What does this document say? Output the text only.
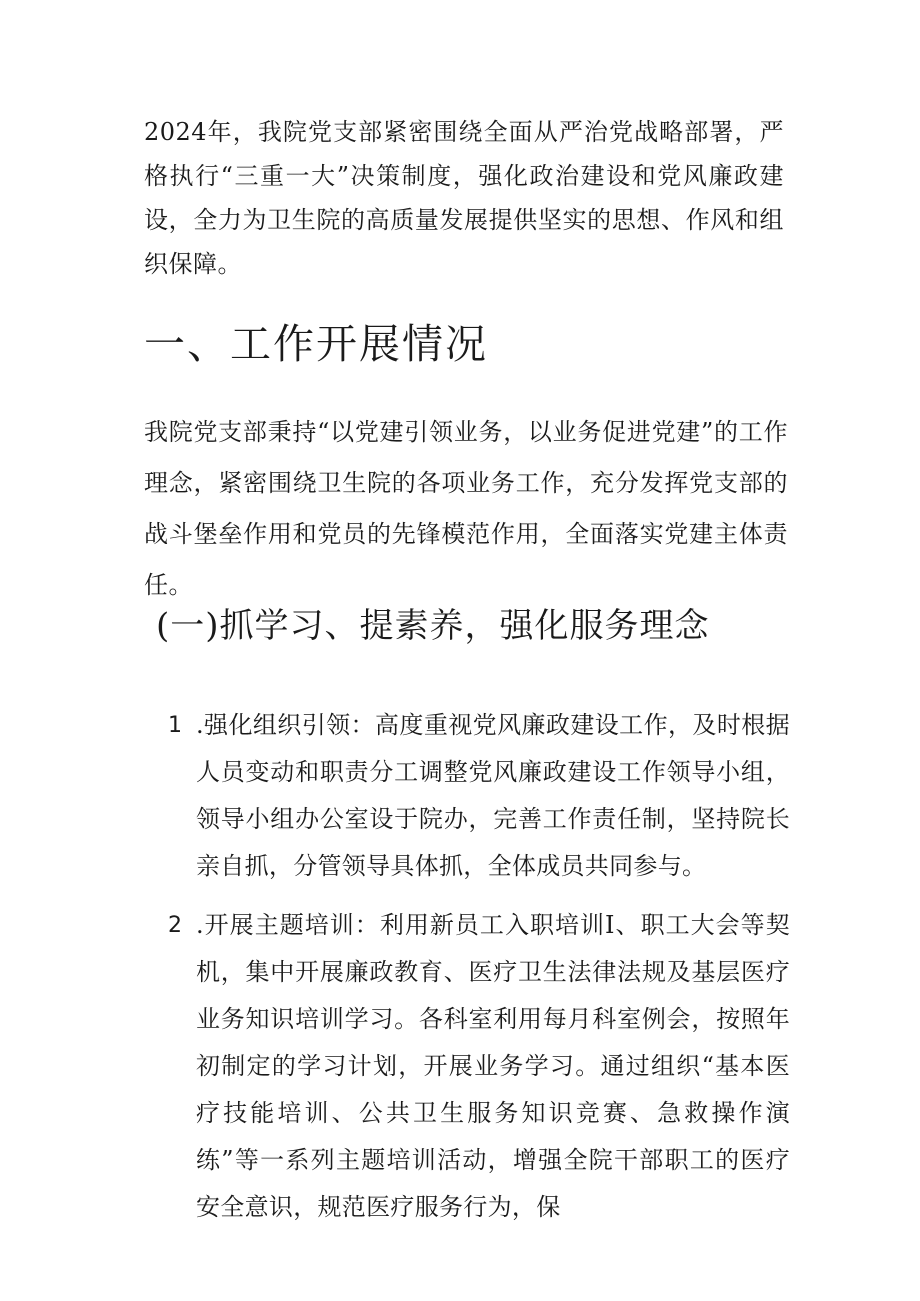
2024年，我院党支部紧密围绕全面从严治党战略部署，严格执行“三重一大”决策制度，强化政治建设和党风廉政建设，全力为卫生院的高质量发展提供坚实的思想、作风和组织保障。
一、工作开展情况
我院党支部秉持“以党建引领业务，以业务促进党建”的工作理念，紧密围绕卫生院的各项业务工作，充分发挥党支部的战斗堡垒作用和党员的先锋模范作用，全面落实党建主体责任。
(一)抓学习、提素养，强化服务理念
1 .强化组织引领：高度重视党风廉政建设工作，及时根据人员变动和职责分工调整党风廉政建设工作领导小组，领导小组办公室设于院办，完善工作责任制，坚持院长亲自抓，分管领导具体抓，全体成员共同参与。
2 .开展主题培训：利用新员工入职培训I、职工大会等契机，集中开展廉政教育、医疗卫生法律法规及基层医疗业务知识培训学习。各科室利用每月科室例会，按照年初制定的学习计划，开展业务学习。通过组织“基本医疗技能培训、公共卫生服务知识竞赛、急救操作演练”等一系列主题培训活动，增强全院干部职工的医疗安全意识，规范医疗服务行为，保
